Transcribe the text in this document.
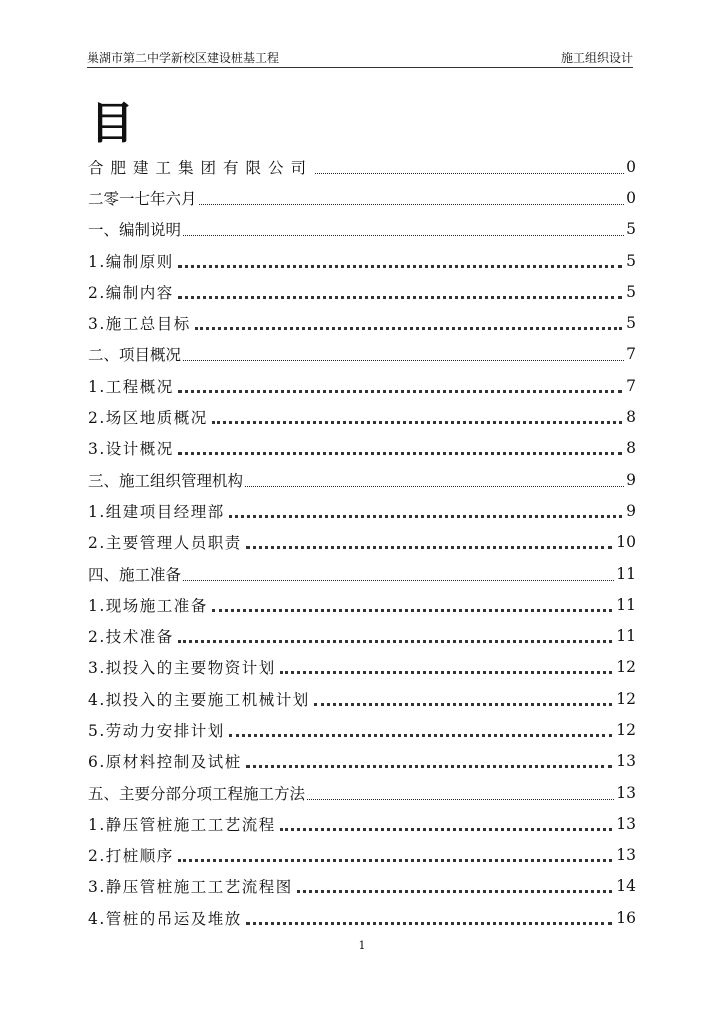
巢湖市第二中学新校区建设桩基工程	施工组织设计
目
合肥建工集团有限公司	0
二零一七年六月	0
一、编制说明	5
1.编制原则	5
2.编制内容	5
3.施工总目标	5
二、项目概况	7
1.工程概况	7
2.场区地质概况	8
3.设计概况	8
三、施工组织管理机构	9
1.组建项目经理部	9
2.主要管理人员职责	10
四、施工准备	11
1.现场施工准备	11
2.技术准备	11
3.拟投入的主要物资计划	12
4.拟投入的主要施工机械计划	12
5.劳动力安排计划	12
6.原材料控制及试桩	13
五、主要分部分项工程施工方法	13
1.静压管桩施工工艺流程	13
2.打桩顺序	13
3.静压管桩施工工艺流程图	14
4.管桩的吊运及堆放	16
1
